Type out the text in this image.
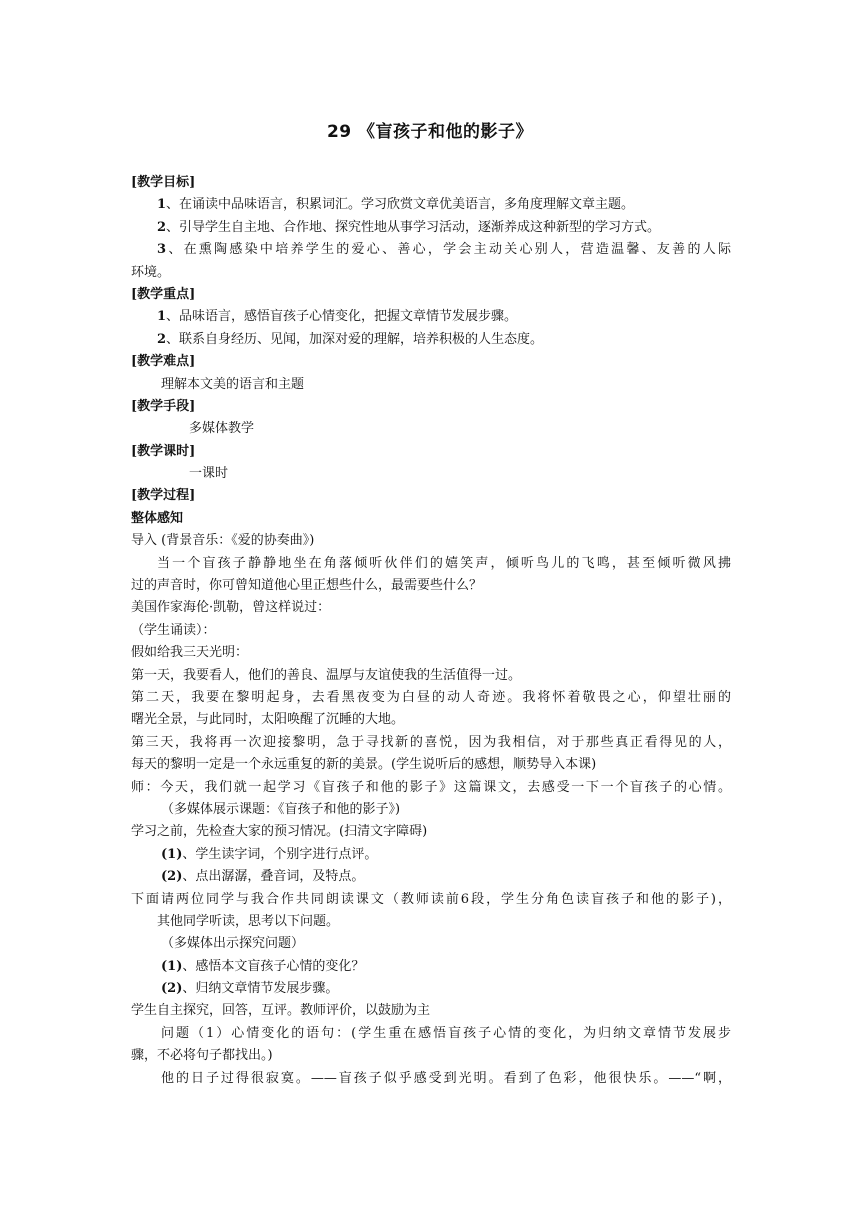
29 《盲孩子和他的影子》
[教学目标]
1、在诵读中品味语言，积累词汇。学习欣赏文章优美语言，多角度理解文章主题。
2、引导学生自主地、合作地、探究性地从事学习活动，逐渐养成这种新型的学习方式。
3、在熏陶感染中培养学生的爱心、善心，学会主动关心别人，营造温馨、友善的人际
环境。
[教学重点]
1、品味语言，感悟盲孩子心情变化，把握文章情节发展步骤。
2、联系自身经历、见闻，加深对爱的理解，培养积极的人生态度。
[教学难点]
理解本文美的语言和主题
[教学手段]
多媒体教学
[教学课时]
一课时
[教学过程]
整体感知
导入 (背景音乐：《爱的协奏曲》)
当一个盲孩子静静地坐在角落倾听伙伴们的嬉笑声，倾听鸟儿的飞鸣，甚至倾听微风拂
过的声音时，你可曾知道他心里正想些什么，最需要些什么？
美国作家海伦·凯勒，曾这样说过：
（学生诵读）：
假如给我三天光明：
第一天，我要看人，他们的善良、温厚与友谊使我的生活值得一过。
第二天，我要在黎明起身，去看黑夜变为白昼的动人奇迹。我将怀着敬畏之心，仰望壮丽的
曙光全景，与此同时，太阳唤醒了沉睡的大地。
第三天，我将再一次迎接黎明，急于寻找新的喜悦，因为我相信，对于那些真正看得见的人，
每天的黎明一定是一个永远重复的新的美景。(学生说听后的感想，顺势导入本课)
师：今天，我们就一起学习《盲孩子和他的影子》这篇课文，去感受一下一个盲孩子的心情。
（多媒体展示课题：《盲孩子和他的影子》)
学习之前，先检查大家的预习情况。(扫清文字障碍)
(1)、学生读字词，个别字进行点评。
(2)、点出潺潺，叠音词，及特点。
下面请两位同学与我合作共同朗读课文（教师读前6段，学生分角色读盲孩子和他的影子)，
其他同学听读，思考以下问题。
（多媒体出示探究问题）
(1)、感悟本文盲孩子心情的变化？
(2)、归纳文章情节发展步骤。
学生自主探究，回答，互评。教师评价，以鼓励为主
问题（1）心情变化的语句：(学生重在感悟盲孩子心情的变化，为归纳文章情节发展步
骤，不必将句子都找出。)
他的日子过得很寂寞。——盲孩子似乎感受到光明。看到了色彩，他很快乐。——“啊，
